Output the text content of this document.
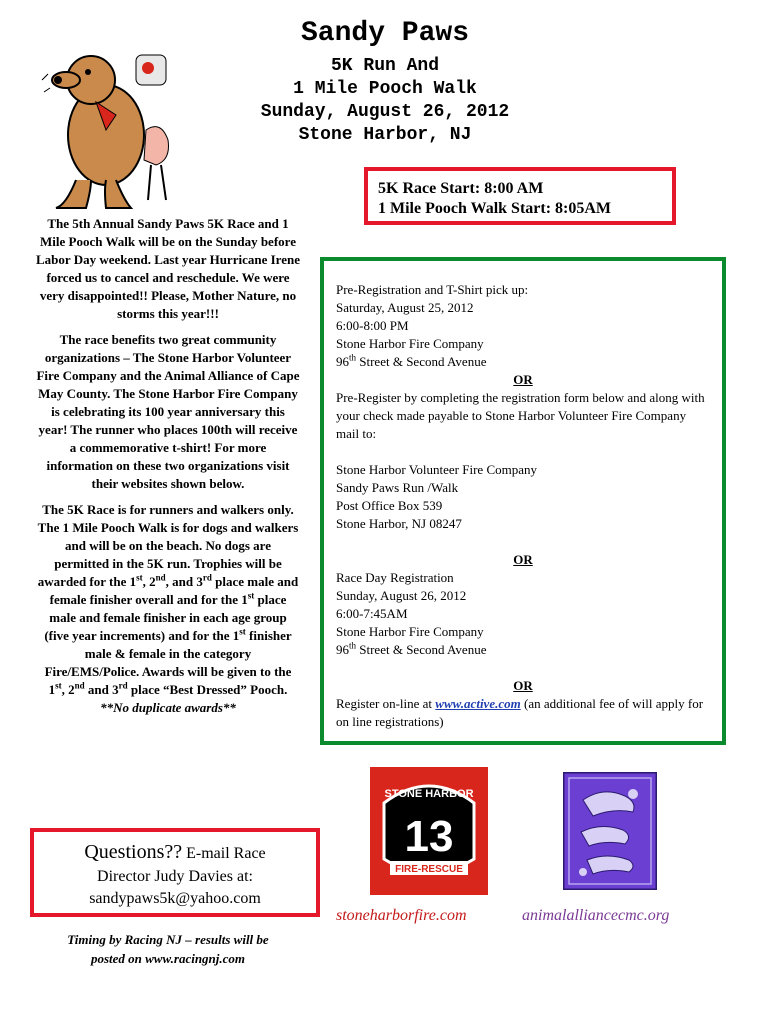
Sandy Paws
5K Run And
1 Mile Pooch Walk
Sunday, August 26, 2012
Stone Harbor, NJ
5K Race Start: 8:00 AM
1 Mile Pooch Walk Start: 8:05AM

The 5th Annual Sandy Paws 5K Race and 1 Mile Pooch Walk will be on the Sunday before Labor Day weekend. Last year Hurricane Irene forced us to cancel and reschedule. We were very disappointed!! Please, Mother Nature, no storms this year!!!

The race benefits two great community organizations – The Stone Harbor Volunteer Fire Company and the Animal Alliance of Cape May County. The Stone Harbor Fire Company is celebrating its 100 year anniversary this year! The runner who places 100th will receive a commemorative t-shirt! For more information on these two organizations visit their websites shown below.

The 5K Race is for runners and walkers only. The 1 Mile Pooch Walk is for dogs and walkers and will be on the beach. No dogs are permitted in the 5K run. Trophies will be awarded for the 1st, 2nd, and 3rd place male and female finisher overall and for the 1st place male and female finisher in each age group (five year increments) and for the 1st finisher male & female in the category Fire/EMS/Police. Awards will be given to the 1st, 2nd and 3rd place “Best Dressed” Pooch.
**No duplicate awards**

Pre-Registration and T-Shirt pick up:
Saturday, August 25, 2012
6:00-8:00 PM
Stone Harbor Fire Company
96th Street & Second Avenue
OR
Pre-Register by completing the registration form below and along with your check made payable to Stone Harbor Volunteer Fire Company mail to:
Stone Harbor Volunteer Fire Company
Sandy Paws Run /Walk
Post Office Box 539
Stone Harbor, NJ 08247
OR
Race Day Registration
Sunday, August 26, 2012
6:00-7:45AM
Stone Harbor Fire Company
96th Street & Second Avenue
OR
Register on-line at www.active.com (an additional fee of will apply for on line registrations)
STONE HARBOR
13
FIRE-RESCUE
stoneharborfire.com	animalalliancecmc.org
Questions?? E-mail Race
Director Judy Davies at:
sandypaws5k@yahoo.com
Timing by Racing NJ – results will be
posted on www.racingnj.com
